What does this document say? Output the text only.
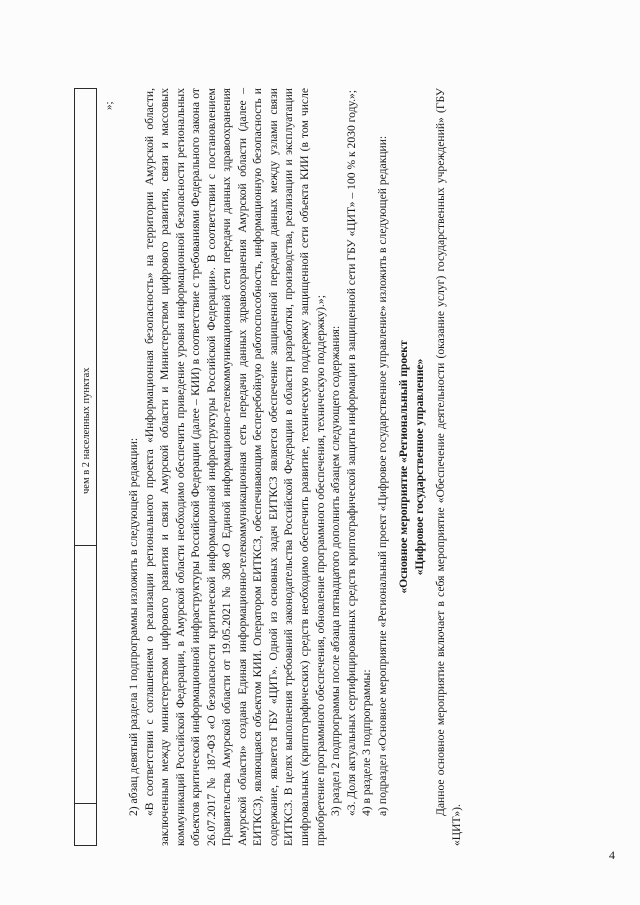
4
чем в 2 населенных пунктах
»;

2) абзац девятый раздела 1 подпрограммы изложить в следующей редакции: «В соответствии с соглашением о реализации регионального проекта «Информационная безопасность» на территории Амурской области, заключенным между министерством цифрового развития и связи Амурской области и Министерством цифрового развития, связи и массовых коммуникаций Российской Федерации, в Амурской области необходимо обеспечить приведение уровня информационной безопасности региональных объектов критической информационной инфраструктуры Российской Федерации (далее – КИИ) в соответствие с требованиями Федерального закона от 26.07.2017 № 187-ФЗ «О безопасности критической информационной инфраструктуры Российской Федерации». В соответствии с постановлением Правительства Амурской области от 19.05.2021 № 308 «О Единой информационно-телекоммуникационной сети передачи данных здравоохранения Амурской области» создана Единая информационно-телекоммуникационная сеть передачи данных здравоохранения Амурской области (далее – ЕИТКСЗ), являющаяся объектом КИИ. Оператором ЕИТКСЗ, обеспечивающим бесперебойную работоспособность, информационную безопасность и содержание, является ГБУ «ЦИТ». Одной из основных задач ЕИТКСЗ является обеспечение защищенной передачи данных между узлами связи ЕИТКСЗ. В целях выполнения требований законодательства Российской Федерации в области разработки, производства, реализации и эксплуатации шифровальных (криптографических) средств необходимо обеспечить развитие, техническую поддержку защищенной сети объекта КИИ (в том числе приобретение программного обеспечения, обновление программного обеспечения, техническую поддержку).»; 3) раздел 2 подпрограммы после абзаца пятнадцатого дополнить абзацем следующего содержания: «3. Доля актуальных сертифицированных средств криптографической защиты информации в защищенной сети ГБУ «ЦИТ» – 100 % к 2030 году.»; 4) в разделе 3 подпрограммы: а) подраздел «Основное мероприятие «Региональный проект «Цифровое государственное управление» изложить в следующей редакции: «Основное мероприятие «Региональный проект «Цифровое государственное управление» Данное основное мероприятие включает в себя мероприятие «Обеспечение деятельности (оказание услуг) государственных учреждений» (ГБУ «ЦИТ»).
